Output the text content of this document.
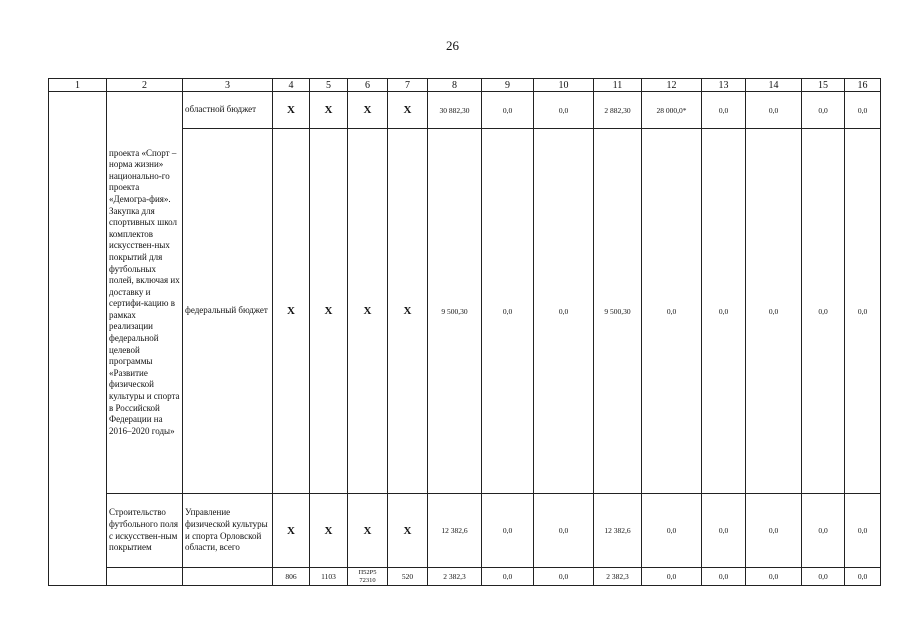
26
1	2	3	4	5	6	7	8	9	10	11	12	13	14	15	16
	проекта «Спорт – норма жизни» национально-го проекта «Демогра-фия». Закупка для спортивных школ комплектов искусствен-ных покрытий для футбольных полей, включая их доставку и сертифи-кацию в рамках реализации федеральной целевой программы «Развитие физической культуры и спорта в Российской Федерации на 2016–2020 годы»	областной бюджет	Х	Х	Х	Х	30 882,30	0,0	0,0	2 882,30	28 000,0*	0,0	0,0	0,0	0,0
		федеральный бюджет	Х	Х	Х	Х	9 500,30	0,0	0,0	9 500,30	0,0	0,0	0,0	0,0	0,0
	Строительство футбольного поля с искусствен-ным покрытием	Управление физической культуры и спорта Орловской области, всего	Х	Х	Х	Х	12 382,6	0,0	0,0	12 382,6	0,0	0,0	0,0	0,0	0,0
			806	1103	П52Р5 72310	520	2 382,3	0,0	0,0	2 382,3	0,0	0,0	0,0	0,0	0,0
